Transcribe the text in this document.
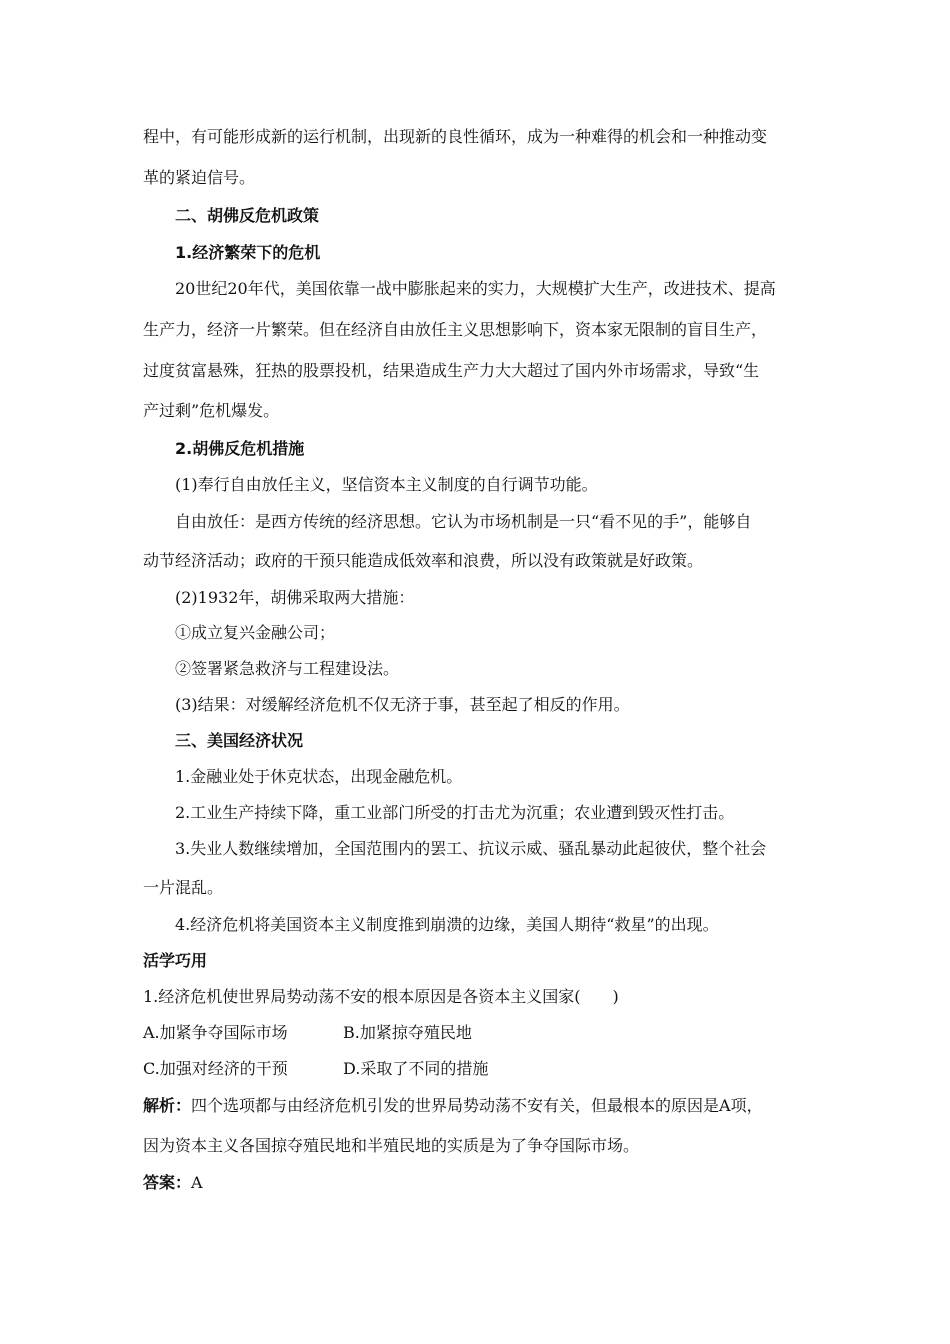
程中，有可能形成新的运行机制，出现新的良性循环，成为一种难得的机会和一种推动变
革的紧迫信号。
二、胡佛反危机政策
1.经济繁荣下的危机
20世纪20年代，美国依靠一战中膨胀起来的实力，大规模扩大生产，改进技术、提高
生产力，经济一片繁荣。但在经济自由放任主义思想影响下，资本家无限制的盲目生产，
过度贫富悬殊，狂热的股票投机，结果造成生产力大大超过了国内外市场需求，导致“生
产过剩”危机爆发。
2.胡佛反危机措施
(1)奉行自由放任主义，坚信资本主义制度的自行调节功能。
自由放任：是西方传统的经济思想。它认为市场机制是一只“看不见的手”，能够自
动节经济活动；政府的干预只能造成低效率和浪费，所以没有政策就是好政策。
(2)1932年，胡佛采取两大措施：
①成立复兴金融公司；
②签署紧急救济与工程建设法。
(3)结果：对缓解经济危机不仅无济于事，甚至起了相反的作用。
三、美国经济状况
1.金融业处于休克状态，出现金融危机。
2.工业生产持续下降，重工业部门所受的打击尤为沉重；农业遭到毁灭性打击。
3.失业人数继续增加，全国范围内的罢工、抗议示威、骚乱暴动此起彼伏，整个社会
一片混乱。
4.经济危机将美国资本主义制度推到崩溃的边缘，美国人期待“救星”的出现。
活学巧用
1.经济危机使世界局势动荡不安的根本原因是各资本主义国家(　　)
A.加紧争夺国际市场	B.加紧掠夺殖民地
C.加强对经济的干预	D.采取了不同的措施
解析：四个选项都与由经济危机引发的世界局势动荡不安有关，但最根本的原因是A项，
因为资本主义各国掠夺殖民地和半殖民地的实质是为了争夺国际市场。
答案：A
